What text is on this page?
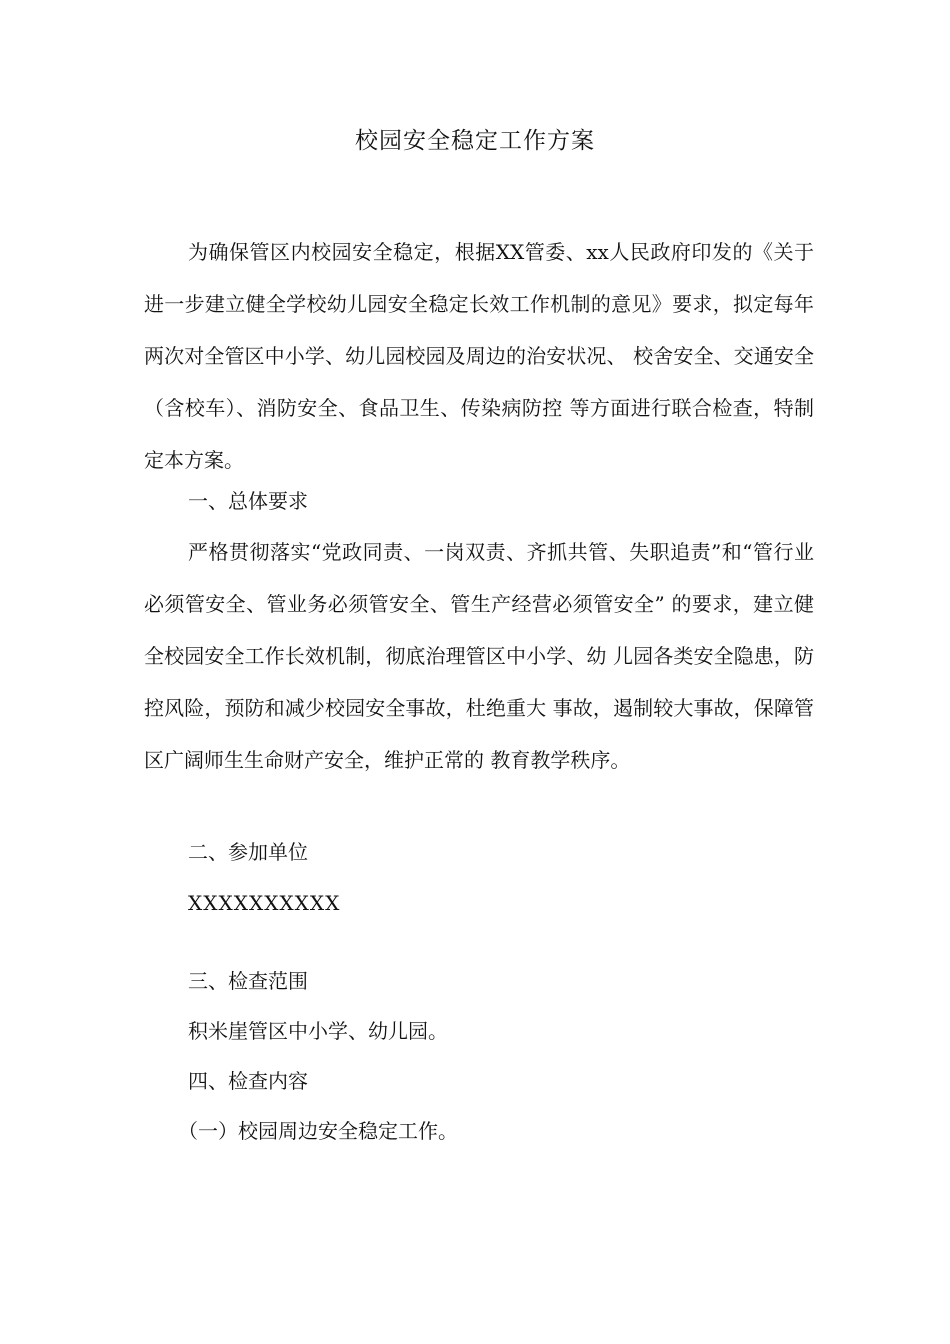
校园安全稳定工作方案
为确保管区内校园安全稳定，根据XX管委、xx人民政府印发的《关于进一步建立健全学校幼儿园安全稳定长效工作机制的意见》要求，拟定每年两次对全管区中小学、幼儿园校园及周边的治安状况、 校舍安全、交通安全（含校车）、消防安全、食品卫生、传染病防控 等方面进行联合检查，特制定本方案。
一、总体要求
严格贯彻落实“党政同责、一岗双责、齐抓共管、失职追责”和“管行业必须管安全、管业务必须管安全、管生产经营必须管安全” 的要求，建立健全校园安全工作长效机制，彻底治理管区中小学、幼 儿园各类安全隐患，防控风险，预防和减少校园安全事故，杜绝重大 事故，遏制较大事故，保障管区广阔师生生命财产安全，维护正常的 教育教学秩序。
二、参加单位
XXXXXXXXXX
三、检查范围
积米崖管区中小学、幼儿园。
四、检查内容
（一）校园周边安全稳定工作。
